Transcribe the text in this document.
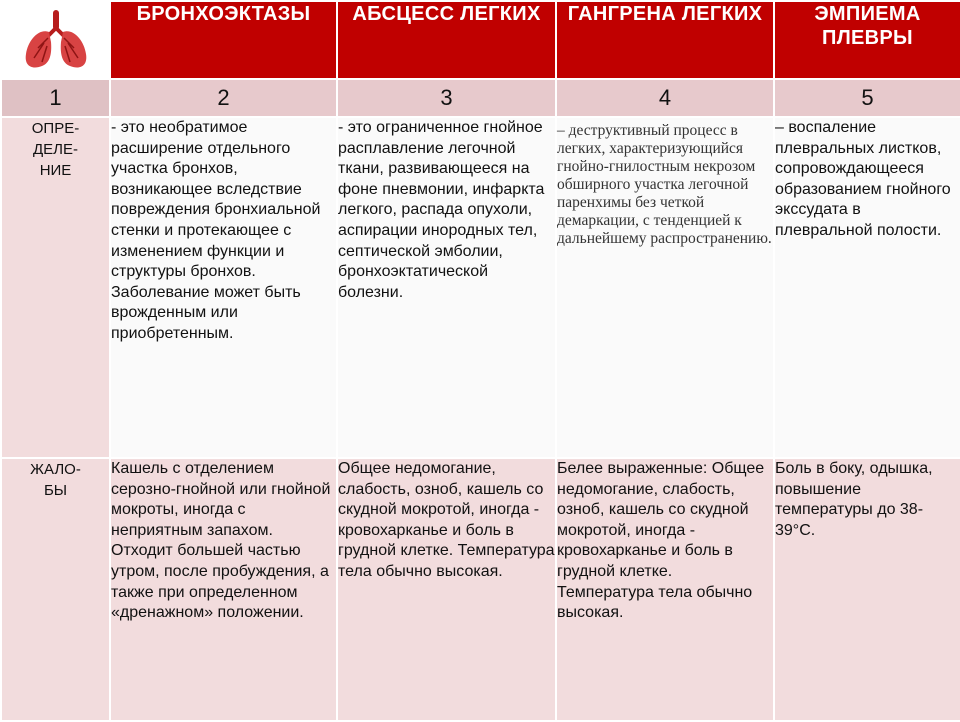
	БРОНХОЭКТАЗЫ	АБСЦЕСС ЛЕГКИХ	ГАНГРЕНА ЛЕГКИХ	ЭМПИЕМА ПЛЕВРЫ
1	2	3	4	5
ОПРЕ-ДЕЛЕ-НИЕ	- это необратимое расширение отдельного участка бронхов, возникающее вследствие повреждения бронхиальной стенки и протекающее с изменением функции и структуры бронхов. Заболевание может быть врожденным или приобретенным.	- это ограниченное гнойное расплавление легочной ткани, развивающееся на фоне пневмонии, инфаркта легкого, распада опухоли, аспирации инородных тел, септической эмболии, бронхоэктатической болезни.	– деструктивный процесс в легких, характеризующийся гнойно-гнилостным некрозом обширного участка легочной паренхимы без четкой демаркации, с тенденцией к дальнейшему распространению.	– воспаление плевральных листков, сопровождающееся образованием гнойного экссудата в плевральной полости.
ЖАЛО-БЫ	Кашель с отделением серозно-гнойной или гнойной мокроты, иногда с неприятным запахом. Отходит большей частью утром, после пробуждения, а также при определенном «дренажном» положении.	Общее недомогание, слабость, озноб, кашель со скудной мокротой, иногда - кровохарканье и боль в грудной клетке. Температура тела обычно высокая.	Белее выраженные: Общее недомогание, слабость, озноб, кашель со скудной мокротой, иногда - кровохарканье и боль в грудной клетке. Температура тела обычно высокая.	Боль в боку, одышка, повышение температуры до 38-39°С.
